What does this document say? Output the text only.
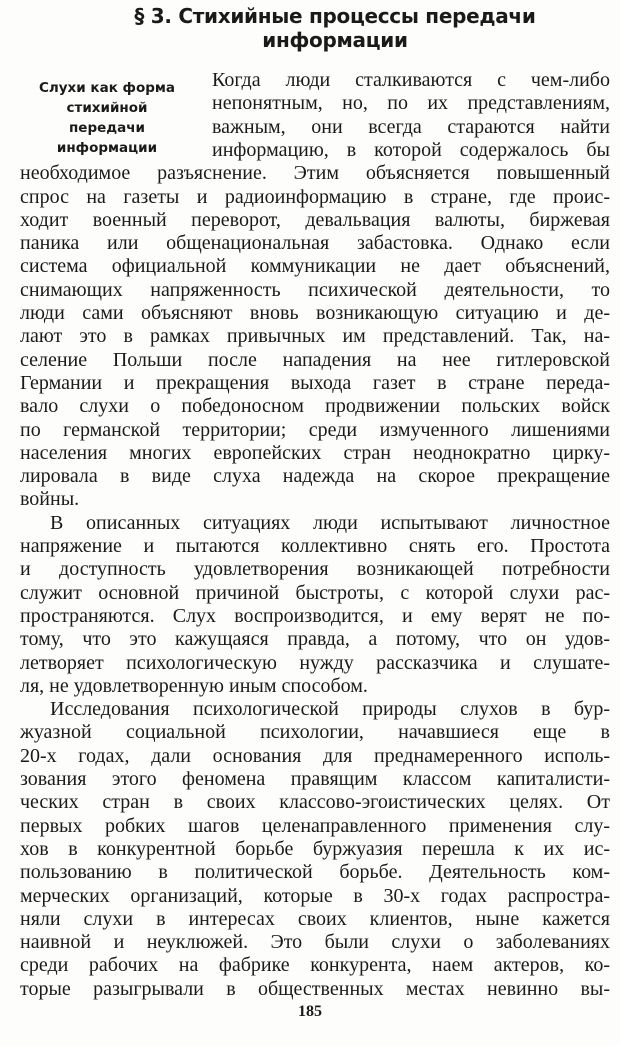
§ 3. Стихийные процессы передачи
информации
Слухи как форма
стихийной
передачи
информации
Когда люди сталкиваются с чем-либо
непонятным, но, по их представлениям,
важным, они всегда стараются найти
информацию, в которой содержалось бы
необходимое разъяснение. Этим объясняется повышенный
спрос на газеты и радиоинформацию в стране, где проис-
ходит военный переворот, девальвация валюты, биржевая
паника или общенациональная забастовка. Однако если
система официальной коммуникации не дает объяснений,
снимающих напряженность психической деятельности, то
люди сами объясняют вновь возникающую ситуацию и де-
лают это в рамках привычных им представлений. Так, на-
селение Польши после нападения на нее гитлеровской
Германии и прекращения выхода газет в стране переда-
вало слухи о победоносном продвижении польских войск
по германской территории; среди измученного лишениями
населения многих европейских стран неоднократно цирку-
лировала в виде слуха надежда на скорое прекращение
войны.
В описанных ситуациях люди испытывают личностное
напряжение и пытаются коллективно снять его. Простота
и доступность удовлетворения возникающей потребности
служит основной причиной быстроты, с которой слухи рас-
пространяются. Слух воспроизводится, и ему верят не по-
тому, что это кажущаяся правда, а потому, что он удов-
летворяет психологическую нужду рассказчика и слушате-
ля, не удовлетворенную иным способом.
Исследования психологической природы слухов в бур-
жуазной социальной психологии, начавшиеся еще в
20-х годах, дали основания для преднамеренного исполь-
зования этого феномена правящим классом капиталисти-
ческих стран в своих классово-эгоистических целях. От
первых робких шагов целенаправленного применения слу-
хов в конкурентной борьбе буржуазия перешла к их ис-
пользованию в политической борьбе. Деятельность ком-
мерческих организаций, которые в 30-х годах распростра-
няли слухи в интересах своих клиентов, ныне кажется
наивной и неуклюжей. Это были слухи о заболеваниях
среди рабочих на фабрике конкурента, наем актеров, ко-
торые разыгрывали в общественных местах невинно вы-
185
